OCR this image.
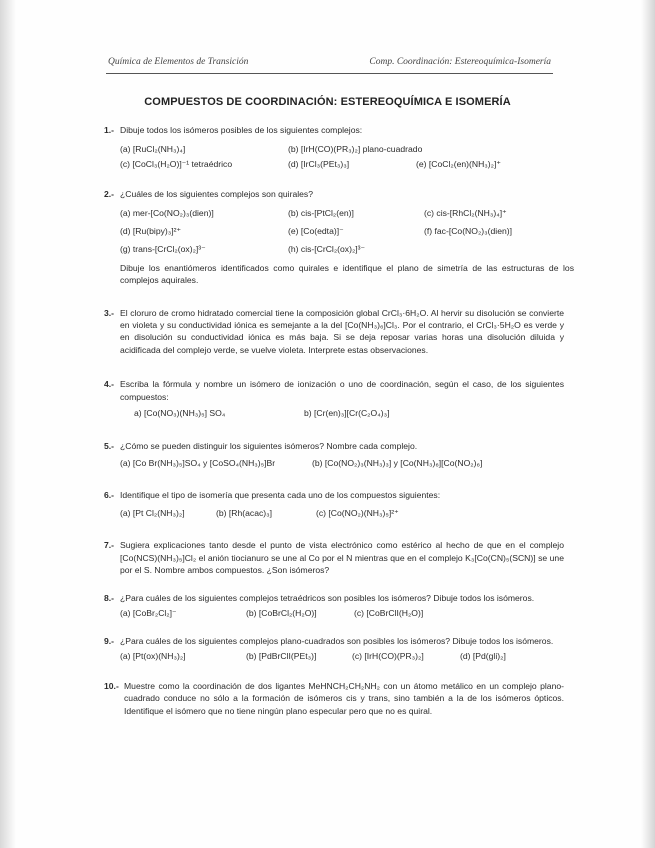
Química de Elementos de Transición	Comp. Coordinación: Estereoquímica-Isomería
COMPUESTOS DE COORDINACIÓN: ESTEREOQUÍMICA E ISOMERÍA
1.- Dibuje todos los isómeros posibles de los siguientes complejos:
(a) [RuCl₂(NH₃)₄]	(b) [IrH(CO)(PR₃)₂] plano-cuadrado
(c) [CoCl₃(H₂O)]⁻¹ tetraédrico	(d) [IrCl₃(PEt₃)₃]	(e) [CoCl₂(en)(NH₃)₂]⁺
2.- ¿Cuáles de los siguientes complejos son quirales?
(a) mer-[Co(NO₂)₃(dien)]	(b) cis-[PtCl₂(en)]	(c) cis-[RhCl₂(NH₃)₄]⁺
(d) [Ru(bipy)₃]²⁺	(e) [Co(edta)]⁻	(f) fac-[Co(NO₂)₃(dien)]
(g) trans-[CrCl₂(ox)₂]³⁻	(h) cis-[CrCl₂(ox)₂]³⁻
Dibuje los enantiómeros identificados como quirales e identifique el plano de simetría de las estructuras de los complejos aquirales.
3.- El cloruro de cromo hidratado comercial tiene la composición global CrCl₃·6H₂O. Al hervir su disolución se convierte en violeta y su conductividad iónica es semejante a la del [Co(NH₃)₆]Cl₃. Por el contrario, el CrCl₃·5H₂O es verde y en disolución su conductividad iónica es más baja. Si se deja reposar varias horas una disolución diluida y acidificada del complejo verde, se vuelve violeta. Interprete estas observaciones.
4.- Escriba la fórmula y nombre un isómero de ionización o uno de coordinación, según el caso, de los siguientes compuestos:
a) [Co(NO₃)(NH₃)₅] SO₄	b) [Cr(en)₃][Cr(C₂O₄)₃]
5.- ¿Cómo se pueden distinguir los siguientes isómeros? Nombre cada complejo.
(a) [Co Br(NH₃)₅]SO₄ y [CoSO₄(NH₃)₅]Br	(b) [Co(NO₂)₃(NH₃)₃] y [Co(NH₃)₆][Co(NO₂)₆]
6.- Identifique el tipo de isomería que presenta cada uno de los compuestos siguientes:
(a) [Pt Cl₂(NH₃)₂]	(b) [Rh(acac)₃]	(c) [Co(NO₂)(NH₃)₅]²⁺
7.- Sugiera explicaciones tanto desde el punto de vista electrónico como estérico al hecho de que en el complejo [Co(NCS)(NH₃)₅]Cl₂ el anión tiocianuro se une al Co por el N mientras que en el complejo K₃[Co(CN)₅(SCN)] se une por el S. Nombre ambos compuestos. ¿Son isómeros?
8.- ¿Para cuáles de los siguientes complejos tetraédricos son posibles los isómeros? Dibuje todos los isómeros.
(a) [CoBr₂Cl₂]⁻	(b) [CoBrCl₂(H₂O)]	(c) [CoBrClI(H₂O)]
9.- ¿Para cuáles de los siguientes complejos plano-cuadrados son posibles los isómeros? Dibuje todos los isómeros.
(a) [Pt(ox)(NH₃)₂]	(b) [PdBrClI(PEt₃)]	(c) [IrH(CO)(PR₃)₂]	(d) [Pd(gli)₂]
10.- Muestre como la coordinación de dos ligantes MeHNCH₂CH₂NH₂ con un átomo metálico en un complejo plano-cuadrado conduce no sólo a la formación de isómeros cis y trans, sino también a la de los isómeros ópticos. Identifique el isómero que no tiene ningún plano especular pero que no es quiral.
